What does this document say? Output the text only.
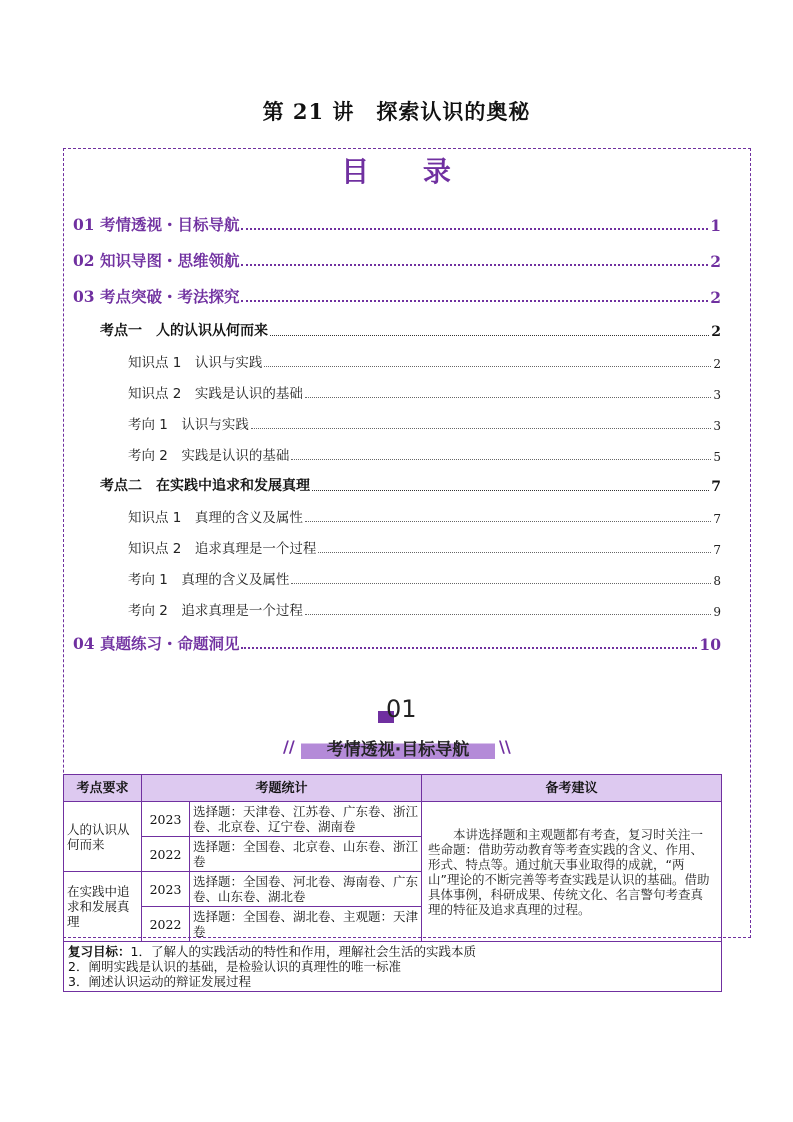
第 21 讲　探索认识的奥秘
目 录
01 考情透视・目标导航	1
02 知识导图・思维领航	2
03 考点突破・考法探究	2
考点一　人的认识从何而来	2
知识点 1　认识与实践	2
知识点 2　实践是认识的基础	3
考向 1　认识与实践	3
考向 2　实践是认识的基础	5
考点二　在实践中追求和发展真理	7
知识点 1　真理的含义及属性	7
知识点 2　追求真理是一个过程	7
考向 1　真理的含义及属性	8
考向 2　追求真理是一个过程	9
04 真题练习・命题洞见	10
01
//	考情透视·目标导航	\\
考点要求	考题统计		备考建议
人的认识从何而来	2023	选择题：天津卷、江苏卷、广东卷、浙江卷、北京卷、辽宁卷、湖南卷	本讲选择题和主观题都有考查，复习时关注一些命题：借助劳动教育等考查实践的含义、作用、形式、特点等。通过航天事业取得的成就，“两山”理论的不断完善等考查实践是认识的基础。借助具体事例，科研成果、传统文化、名言警句考查真理的特征及追求真理的过程。

	2022	选择题：全国卷、北京卷、山东卷、浙江卷	
在实践中追求和发展真理	2023	选择题：全国卷、河北卷、海南卷、广东卷、山东卷、湖北卷	
	2022	选择题：全国卷、湖北卷、主观题：天津卷	

复习目标：1．了解人的实践活动的特性和作用，理解社会生活的实践本质
2．阐明实践是认识的基础，是检验认识的真理性的唯一标准
3．阐述认识运动的辩证发展过程			
